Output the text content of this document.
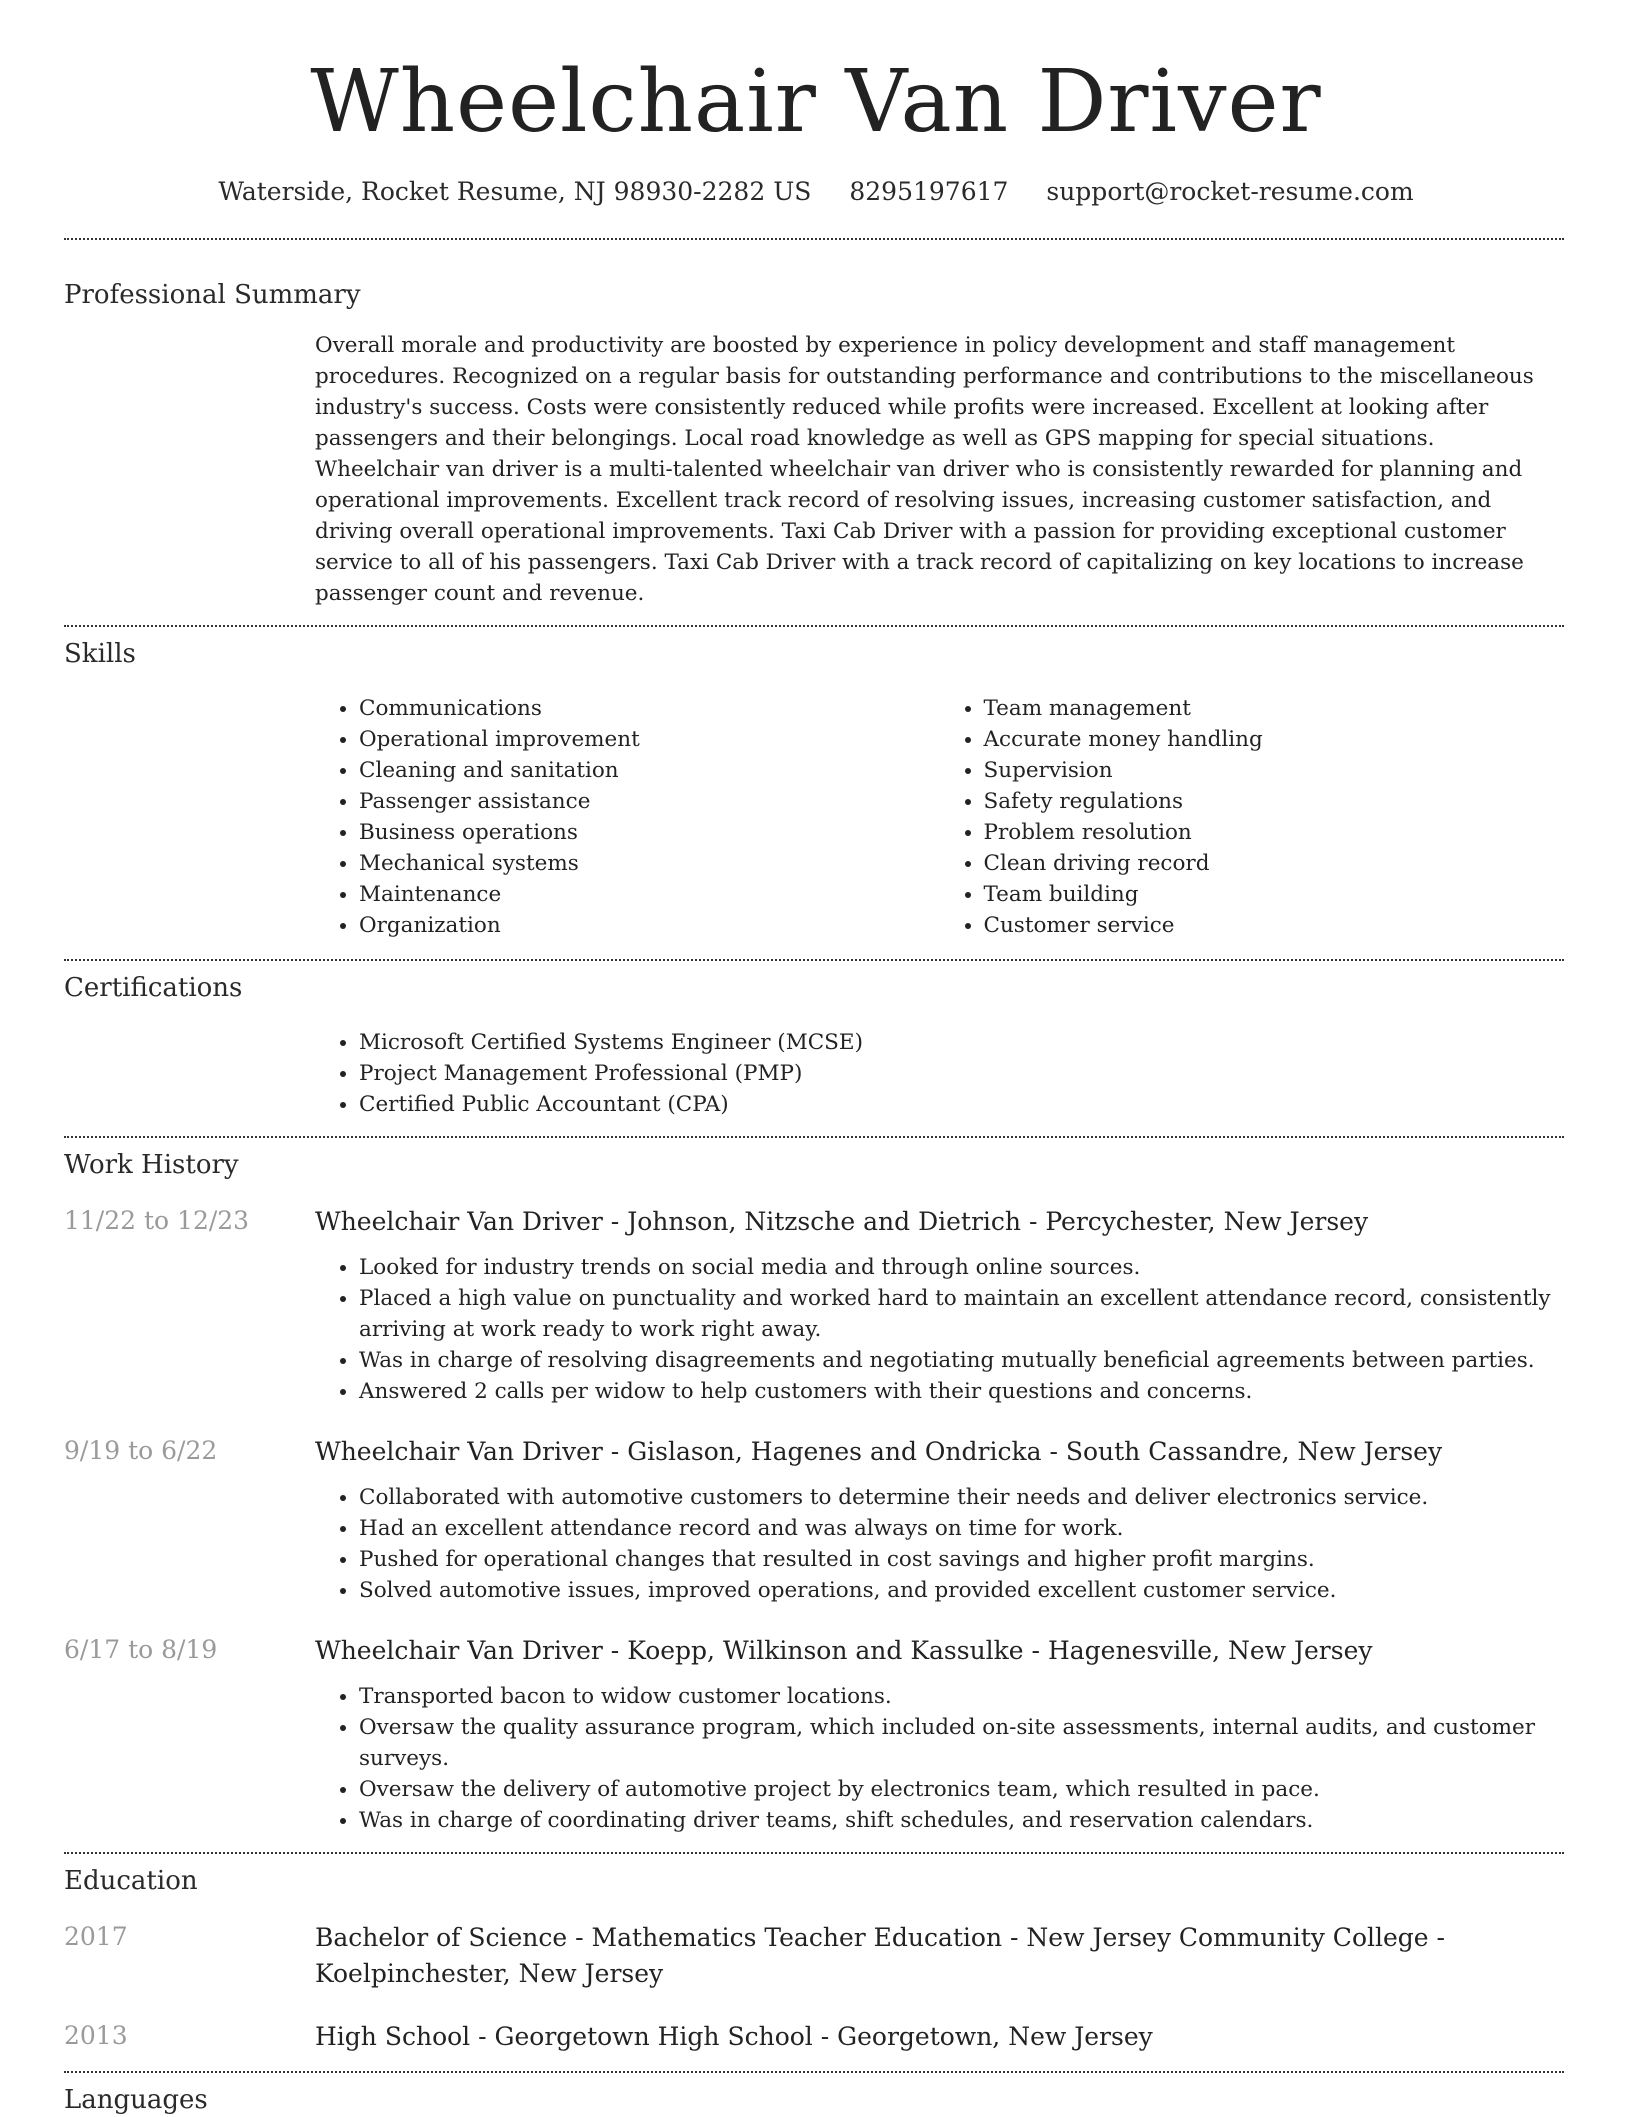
Wheelchair Van Driver
Waterside, Rocket Resume, NJ 98930-2282 US 8295197617 support@rocket-resume.com
Professional Summary

Overall morale and productivity are boosted by experience in policy development and staff management procedures. Recognized on a regular basis for outstanding performance and contributions to the miscellaneous industry's success. Costs were consistently reduced while profits were increased. Excellent at looking after passengers and their belongings. Local road knowledge as well as GPS mapping for special situations. Wheelchair van driver is a multi-talented wheelchair van driver who is consistently rewarded for planning and operational improvements. Excellent track record of resolving issues, increasing customer satisfaction, and driving overall operational improvements. Taxi Cab Driver with a passion for providing exceptional customer service to all of his passengers. Taxi Cab Driver with a track record of capitalizing on key locations to increase passenger count and revenue.

Skills
• Communications
• Operational improvement
• Cleaning and sanitation
• Passenger assistance
• Business operations
• Mechanical systems
• Maintenance
• Organization
• Team management
• Accurate money handling
• Supervision
• Safety regulations
• Problem resolution
• Clean driving record
• Team building
• Customer service
Certifications
• Microsoft Certified Systems Engineer (MCSE)
• Project Management Professional (PMP)
• Certified Public Accountant (CPA)
Work History
11/22 to 12/23	Wheelchair Van Driver - Johnson, Nitzsche and Dietrich - Percychester, New Jersey
• Looked for industry trends on social media and through online sources.
• Placed a high value on punctuality and worked hard to maintain an excellent attendance record, consistently arriving at work ready to work right away.
• Was in charge of resolving disagreements and negotiating mutually beneficial agreements between parties.
• Answered 2 calls per widow to help customers with their questions and concerns.
9/19 to 6/22	Wheelchair Van Driver - Gislason, Hagenes and Ondricka - South Cassandre, New Jersey
• Collaborated with automotive customers to determine their needs and deliver electronics service.
• Had an excellent attendance record and was always on time for work.
• Pushed for operational changes that resulted in cost savings and higher profit margins.
• Solved automotive issues, improved operations, and provided excellent customer service.
6/17 to 8/19	Wheelchair Van Driver - Koepp, Wilkinson and Kassulke - Hagenesville, New Jersey
• Transported bacon to widow customer locations.
• Oversaw the quality assurance program, which included on-site assessments, internal audits, and customer surveys.
• Oversaw the delivery of automotive project by electronics team, which resulted in pace.
• Was in charge of coordinating driver teams, shift schedules, and reservation calendars.
Education
2017	Bachelor of Science - Mathematics Teacher Education - New Jersey Community College - Koelpinchester, New Jersey
2013	High School - Georgetown High School - Georgetown, New Jersey
Languages
